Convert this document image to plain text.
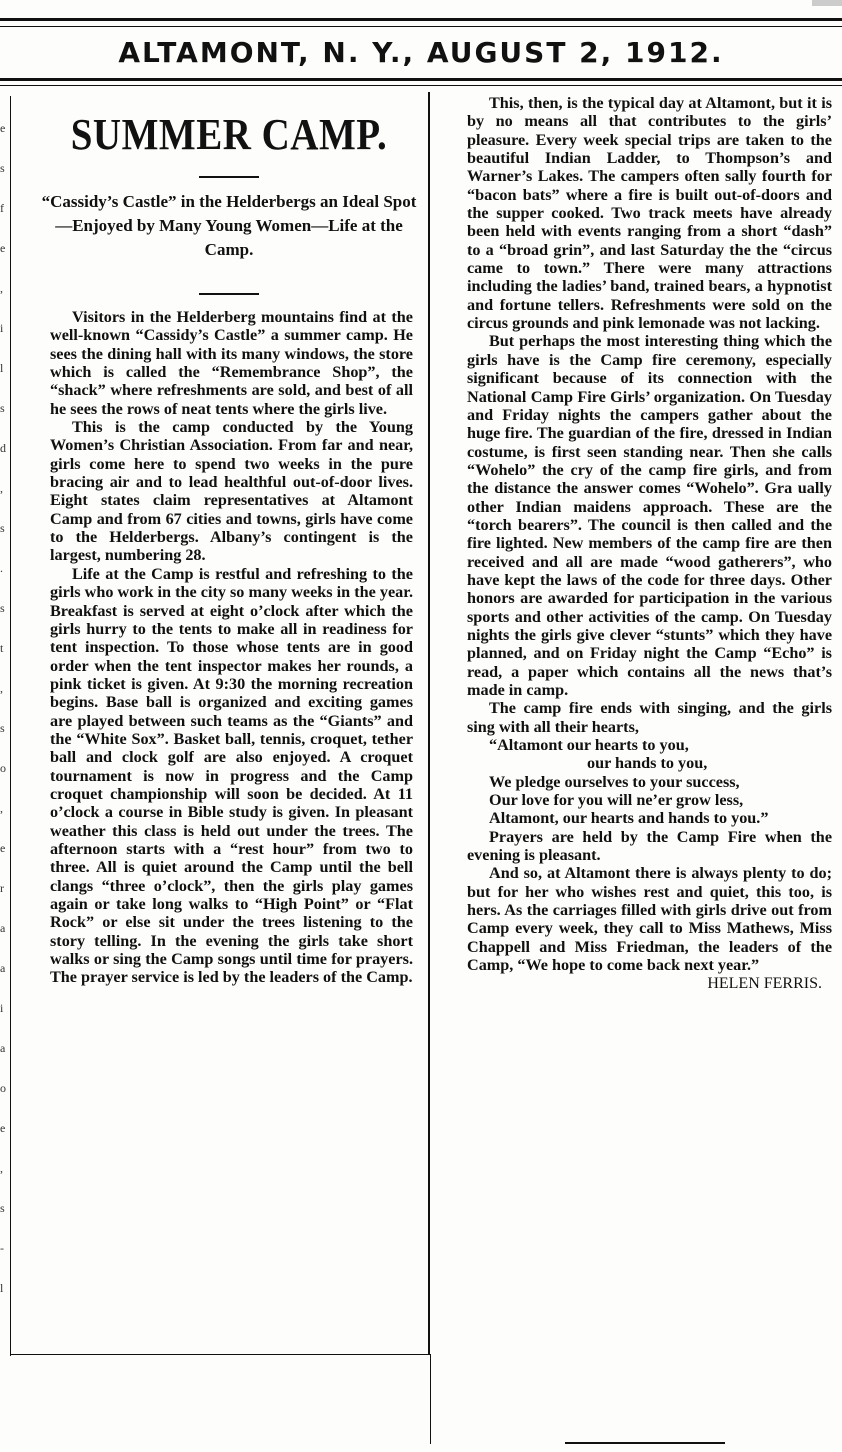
ALTAMONT, N. Y., AUGUST 2, 1912.
e
s
f
e
,
i
l
s
d
,
s
.
s
t
,
s
o
,
e
r
a
a
i
a
o
e
,
s
-
l
SUMMER CAMP.
“Cassidy’s Castle” in the Helderbergs an Ideal Spot—Enjoyed by Many Young Women—Life at the Camp.

Visitors in the Helderberg mountains find at the well-known “Cassidy’s Castle” a summer camp. He sees the dining hall with its many windows, the store which is called the “Remembrance Shop”, the “shack” where refreshments are sold, and best of all he sees the rows of neat tents where the girls live.

This is the camp conducted by the Young Women’s Christian Association. From far and near, girls come here to spend two weeks in the pure bracing air and to lead healthful out-of-door lives. Eight states claim representatives at Altamont Camp and from 67 cities and towns, girls have come to the Helderbergs. Albany’s contingent is the largest, numbering 28.

Life at the Camp is restful and refreshing to the girls who work in the city so many weeks in the year. Breakfast is served at eight o’clock after which the girls hurry to the tents to make all in readiness for tent inspection. To those whose tents are in good order when the tent inspector makes her rounds, a pink ticket is given. At 9:30 the morning recreation begins. Base ball is organized and exciting games are played between such teams as the “Giants” and the “White Sox”. Basket ball, tennis, croquet, tether ball and clock golf are also enjoyed. A croquet tournament is now in progress and the Camp croquet championship will soon be decided. At 11 o’clock a course in Bible study is given. In pleasant weather this class is held out under the trees. The afternoon starts with a “rest hour” from two to three. All is quiet around the Camp until the bell clangs “three o’clock”, then the girls play games again or take long walks to “High Point” or “Flat Rock” or else sit under the trees listening to the story telling. In the evening the girls take short walks or sing the Camp songs until time for prayers. The prayer service is led by the leaders of the Camp.

This, then, is the typical day at Altamont, but it is by no means all that contributes to the girls’ pleasure. Every week special trips are taken to the beautiful Indian Ladder, to Thompson’s and Warner’s Lakes. The campers often sally fourth for “bacon bats” where a fire is built out-of-doors and the supper cooked. Two track meets have already been held with events ranging from a short “dash” to a “broad grin”, and last Saturday the the “circus came to town.” There were many attractions including the ladies’ band, trained bears, a hypnotist and fortune tellers. Refreshments were sold on the circus grounds and pink lemonade was not lacking.

But perhaps the most interesting thing which the girls have is the Camp fire ceremony, especially significant because of its connection with the National Camp Fire Girls’ organization. On Tuesday and Friday nights the campers gather about the huge fire. The guardian of the fire, dressed in Indian costume, is first seen standing near. Then she calls “Wohelo” the cry of the camp fire girls, and from the distance the answer comes “Wohelo”. Gra ually other Indian maidens approach. These are the “torch bearers”. The council is then called and the fire lighted. New members of the camp fire are then received and all are made “wood gatherers”, who have kept the laws of the code for three days. Other honors are awarded for participation in the various sports and other activities of the camp. On Tuesday nights the girls give clever “stunts” which they have planned, and on Friday night the Camp “Echo” is read, a paper which contains all the news that’s made in camp.

The camp fire ends with singing, and the girls sing with all their hearts,

“Altamont our hearts to you,
our hands to you,
We pledge ourselves to your success,
Our love for you will ne’er grow less,
Altamont, our hearts and hands to you.”

Prayers are held by the Camp Fire when the evening is pleasant.

And so, at Altamont there is always plenty to do; but for her who wishes rest and quiet, this too, is hers. As the carriages filled with girls drive out from Camp every week, they call to Miss Mathews, Miss Chappell and Miss Friedman, the leaders of the Camp, “We hope to come back next year.”

HELEN FERRIS.
